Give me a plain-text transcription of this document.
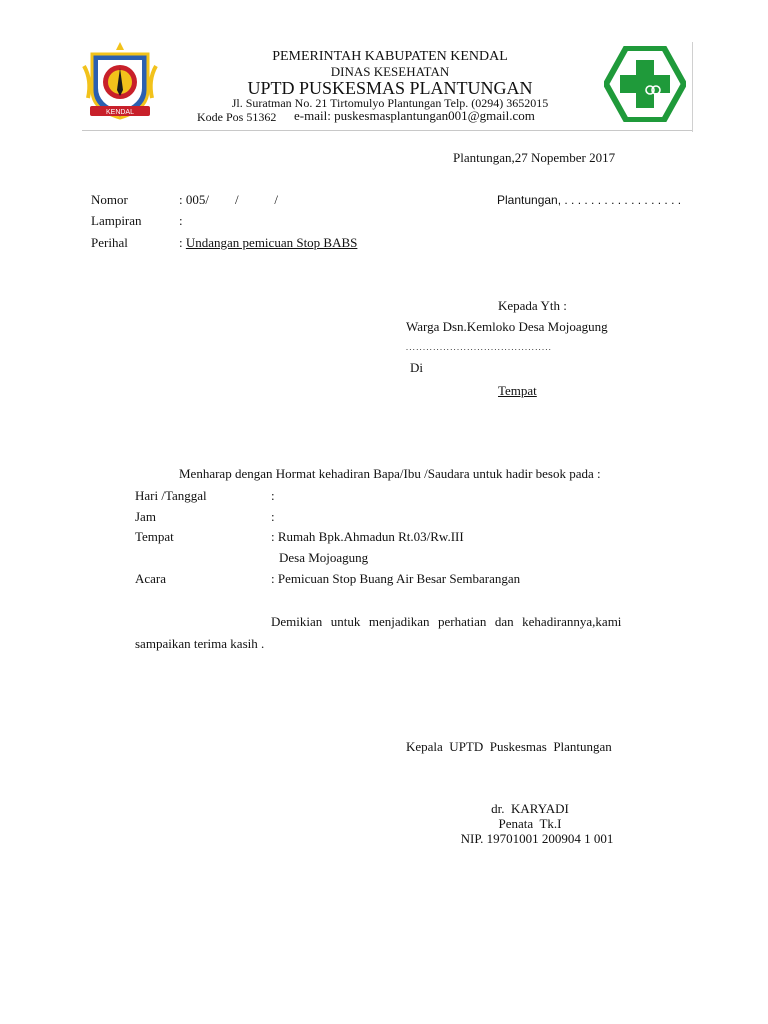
KENDAL
PEMERINTAH KABUPATEN KENDAL
DINAS KESEHATAN
UPTD PUSKESMAS PLANTUNGAN
Jl. Suratman No. 21 Tirtomulyo Plantungan Telp. (0294) 3652015
Kode Pos 51362 e-mail: puskesmasplantungan001@gmail.com
Plantungan,27 Nopember 2017
Nomor	: 005/        /           /	Plantungan, . . . . . . . . . . . . . . . . . .
Lampiran	:
Perihal	: Undangan pemicuan Stop BABS
Kepada Yth :
Warga Dsn.Kemloko Desa Mojoagung
. . . . . . . . . . . . . . . . . . . . . . . . . . . . . . . . . . . . . . . . . . .
Di
Tempat
Menharap dengan Hormat kehadiran Bapa/Ibu /Saudara untuk hadir besok pada :
Hari /Tanggal	:
Jam	:
Tempat	: Rumah Bpk.Ahmadun Rt.03/Rw.III
Desa Mojoagung
Acara	: Pemicuan Stop Buang Air Besar Sembarangan
Demikian  untuk  menjadikan  perhatian  dan  kehadirannya,kami
sampaikan terima kasih .
Kepala  UPTD  Puskesmas  Plantungan
dr.  KARYADI
Penata  Tk.I
NIP. 19701001 200904 1 001
